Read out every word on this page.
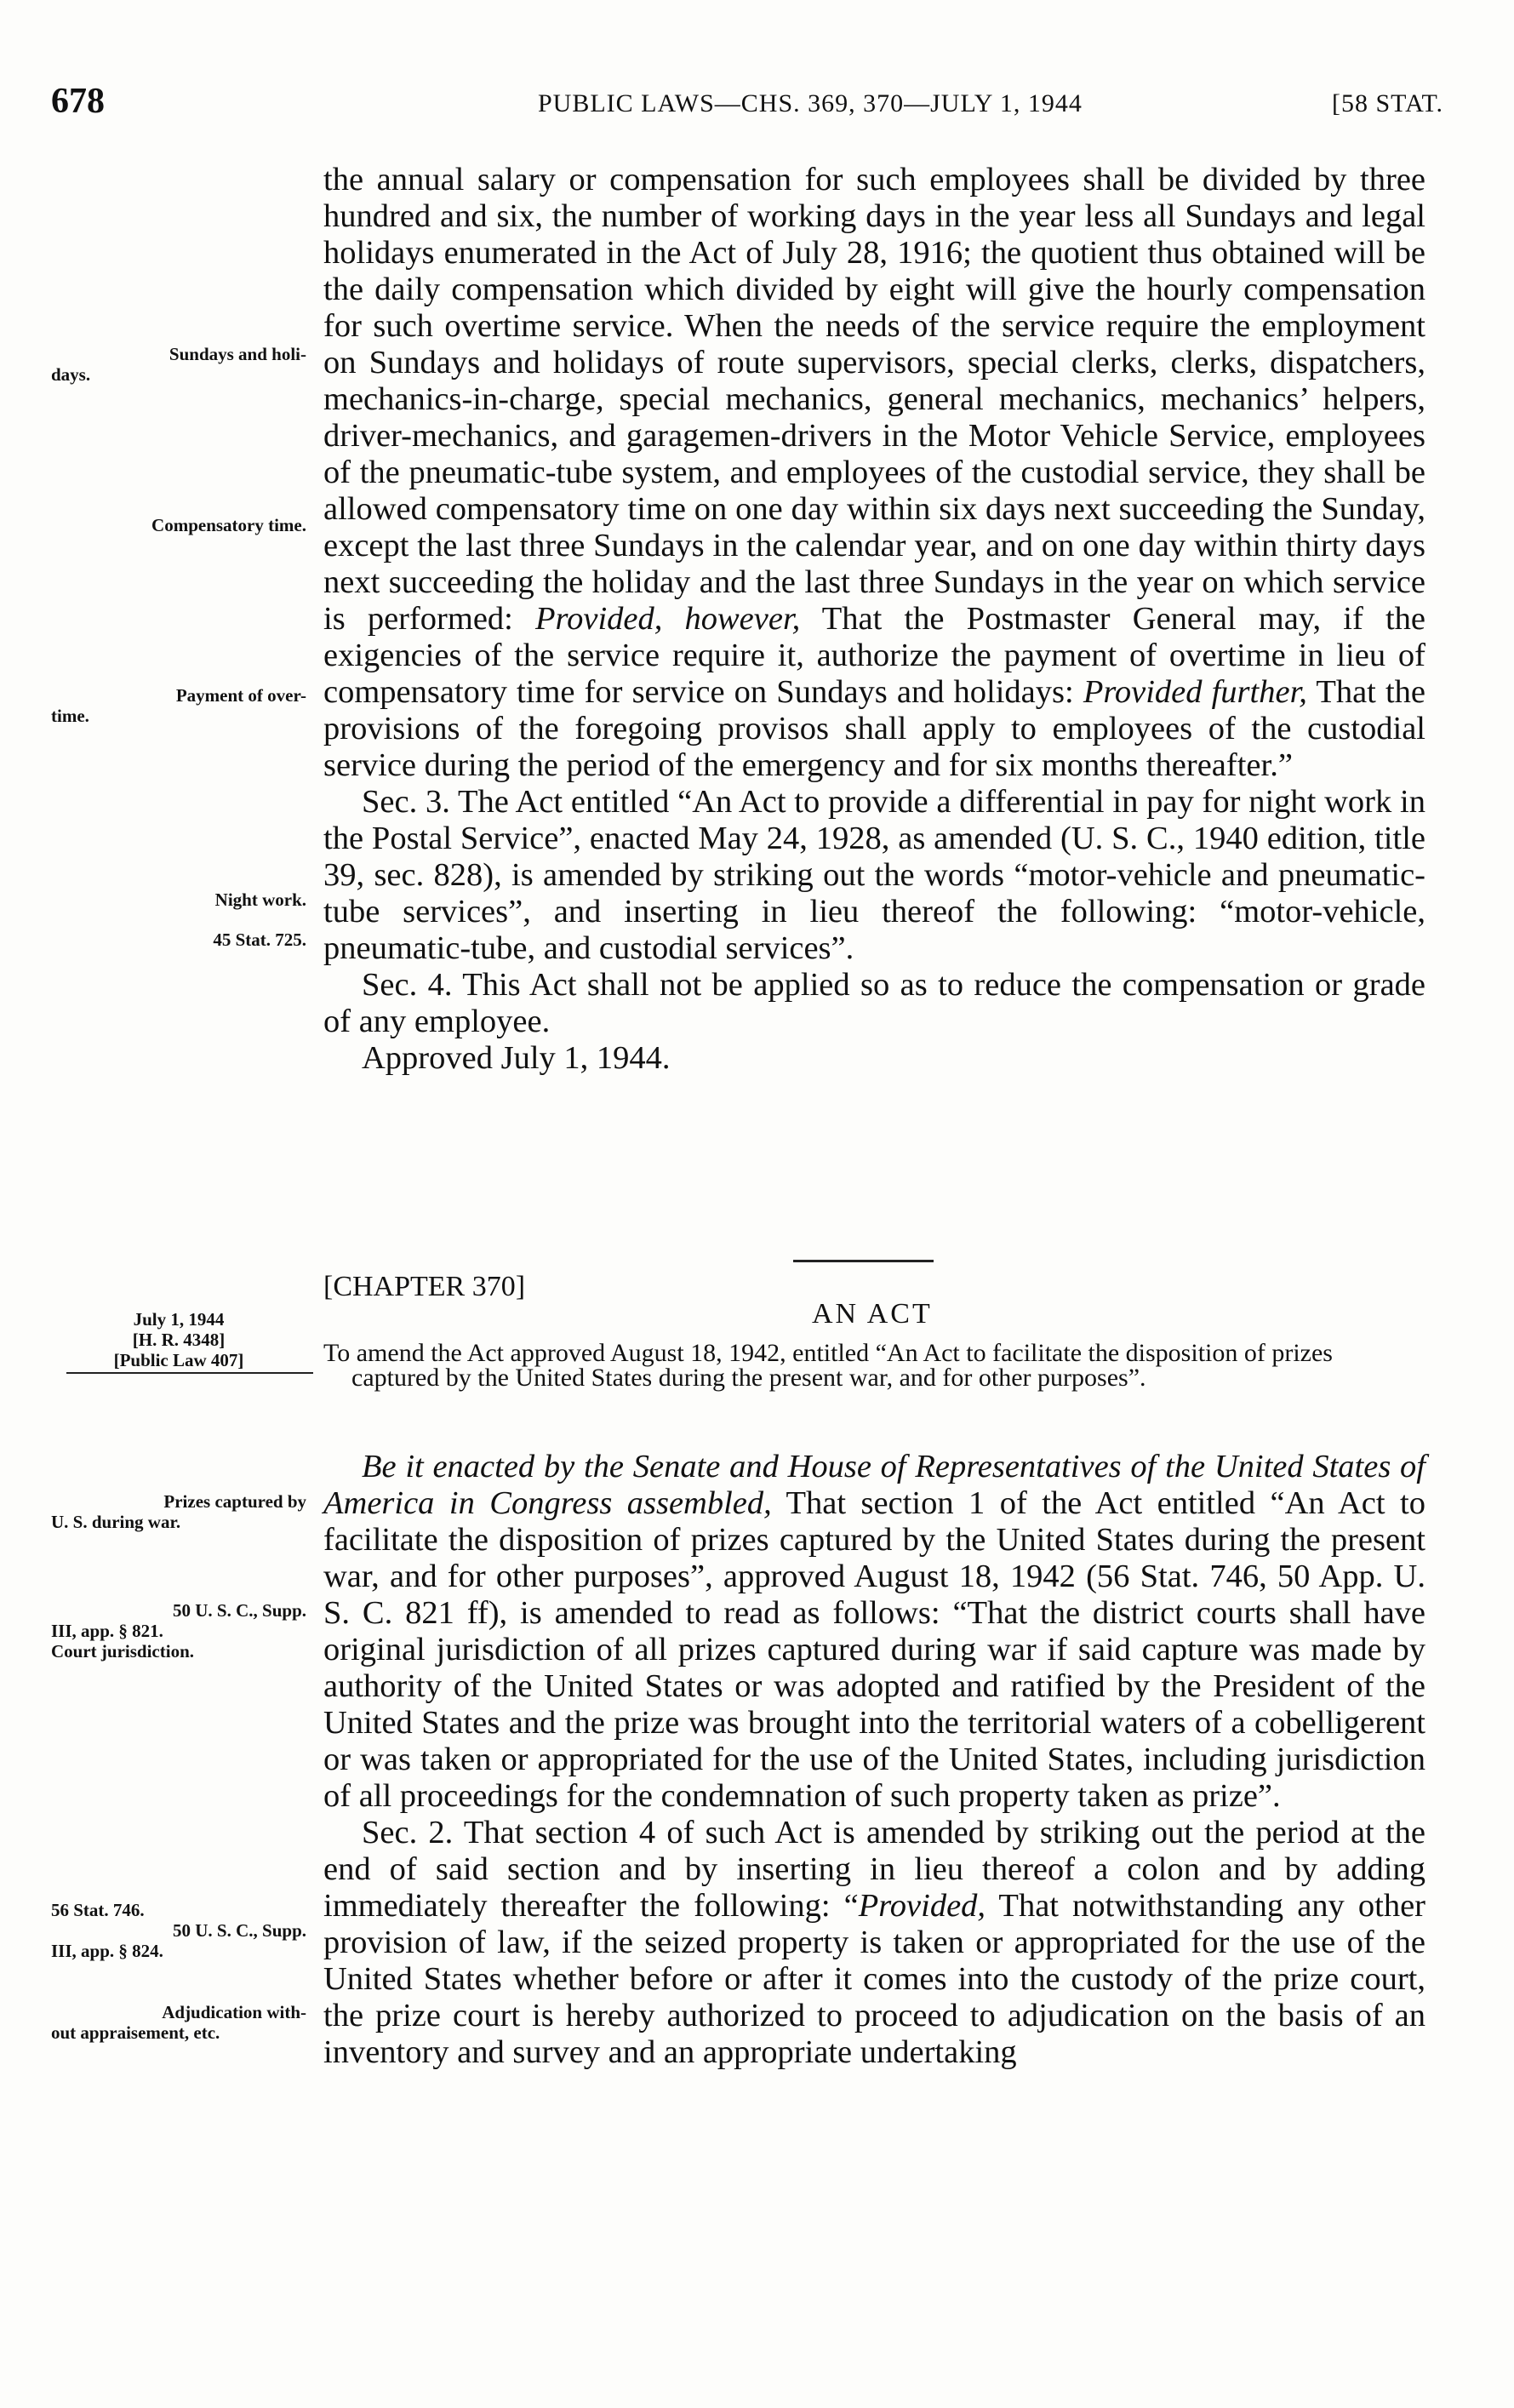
678	PUBLIC LAWS—CHS. 369, 370—JULY 1, 1944	[58 STAT.

the annual salary or compensation for such employees shall be divided by three hundred and six, the number of working days in the year less all Sundays and legal holidays enumerated in the Act of July 28, 1916; the quotient thus obtained will be the daily compensation which divided by eight will give the hourly compensation for such overtime service. When the needs of the service require the employment on Sundays and holidays of route supervisors, special clerks, clerks, dispatchers, mechanics-in-charge, special mechanics, general mechanics, mechanics’ helpers, driver-mechanics, and garagemen-drivers in the Motor Vehicle Service, employees of the pneumatic-tube system, and employees of the custodial service, they shall be allowed compensatory time on one day within six days next succeeding the Sunday, except the last three Sundays in the calendar year, and on one day within thirty days next succeeding the holiday and the last three Sundays in the year on which service is performed: Provided, however, That the Postmaster General may, if the exigencies of the service require it, authorize the payment of overtime in lieu of compensatory time for service on Sundays and holidays: Provided further, That the provisions of the foregoing provisos shall apply to employees of the custodial service during the period of the emergency and for six months thereafter.”

Sec. 3. The Act entitled “An Act to provide a differential in pay for night work in the Postal Service”, enacted May 24, 1928, as amended (U. S. C., 1940 edition, title 39, sec. 828), is amended by striking out the words “motor-vehicle and pneumatic-tube services”, and inserting in lieu thereof the following: “motor-vehicle, pneumatic-tube, and custodial services”.

Sec. 4. This Act shall not be applied so as to reduce the compensation or grade of any employee.

Approved July 1, 1944.

[CHAPTER 370]
AN ACT
To amend the Act approved August 18, 1942, entitled “An Act to facilitate the disposition of prizes captured by the United States during the present war, and for other purposes”.

Be it enacted by the Senate and House of Representatives of the United States of America in Congress assembled, That section 1 of the Act entitled “An Act to facilitate the disposition of prizes captured by the United States during the present war, and for other purposes”, approved August 18, 1942 (56 Stat. 746, 50 App. U. S. C. 821 ff), is amended to read as follows: “That the district courts shall have original jurisdiction of all prizes captured during war if said capture was made by authority of the United States or was adopted and ratified by the President of the United States and the prize was brought into the territorial waters of a cobelligerent or was taken or appropriated for the use of the United States, including jurisdiction of all proceedings for the condemnation of such property taken as prize”.

Sec. 2. That section 4 of such Act is amended by striking out the period at the end of said section and by inserting in lieu thereof a colon and by adding immediately thereafter the following: “Provided, That notwithstanding any other provision of law, if the seized property is taken or appropriated for the use of the United States whether before or after it comes into the custody of the prize court, the prize court is hereby authorized to proceed to adjudication on the basis of an inventory and survey and an appropriate undertaking

Sundays and holi-
days.
Compensatory time.
Payment of over-
time.
Night work.
45 Stat. 725.
July 1, 1944
[H. R. 4348]
[Public Law 407]
Prizes captured by
U. S. during war.
50 U. S. C., Supp.
III, app. § 821.
Court jurisdiction.
56 Stat. 746.
50 U. S. C., Supp.
III, app. § 824.
Adjudication with-
out appraisement, etc.
